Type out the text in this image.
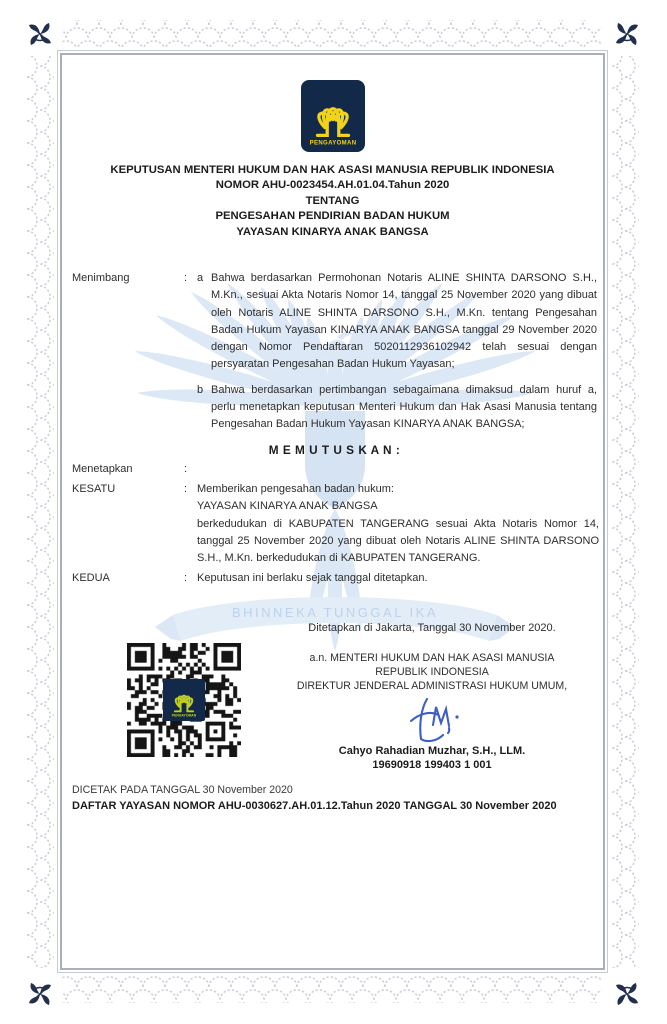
BHINNEKA TUNGGAL IKA
PENGAYOMAN
KEPUTUSAN MENTERI HUKUM DAN HAK ASASI MANUSIA REPUBLIK INDONESIA
NOMOR AHU-0023454.AH.01.04.Tahun 2020
TENTANG
PENGESAHAN PENDIRIAN BADAN HUKUM
YAYASAN KINARYA ANAK BANGSA
Menimbang	: a Bahwa berdasarkan Permohonan Notaris ALINE SHINTA DARSONO S.H., M.Kn., sesuai Akta Notaris Nomor 14, tanggal 25 November 2020 yang dibuat oleh Notaris ALINE SHINTA DARSONO S.H., M.Kn. tentang Pengesahan Badan Hukum Yayasan KINARYA ANAK BANGSA tanggal 29 November 2020 dengan Nomor Pendaftaran 5020112936102942 telah sesuai dengan persyaratan Pengesahan Badan Hukum Yayasan;
b Bahwa berdasarkan pertimbangan sebagaimana dimaksud dalam huruf a, perlu menetapkan keputusan Menteri Hukum dan Hak Asasi Manusia tentang Pengesahan Badan Hukum Yayasan KINARYA ANAK BANGSA;
M E M U T U S K A N :
Menetapkan	:
KESATU	: Memberikan pengesahan badan hukum:
YAYASAN KINARYA ANAK BANGSA
berkedudukan di KABUPATEN TANGERANG sesuai Akta Notaris Nomor 14, tanggal 25 November 2020 yang dibuat oleh Notaris ALINE SHINTA DARSONO S.H., M.Kn. berkedudukan di KABUPATEN TANGERANG.
KEDUA	: Keputusan ini berlaku sejak tanggal ditetapkan.
Ditetapkan di Jakarta, Tanggal 30 November 2020.
a.n. MENTERI HUKUM DAN HAK ASASI MANUSIA
REPUBLIK INDONESIA
DIREKTUR JENDERAL ADMINISTRASI HUKUM UMUM,
Cahyo Rahadian Muzhar, S.H., LLM.
19690918 199403 1 001
PENGAYOMAN
DICETAK PADA TANGGAL 30 November 2020
DAFTAR YAYASAN NOMOR AHU-0030627.AH.01.12.Tahun 2020 TANGGAL 30 November 2020
